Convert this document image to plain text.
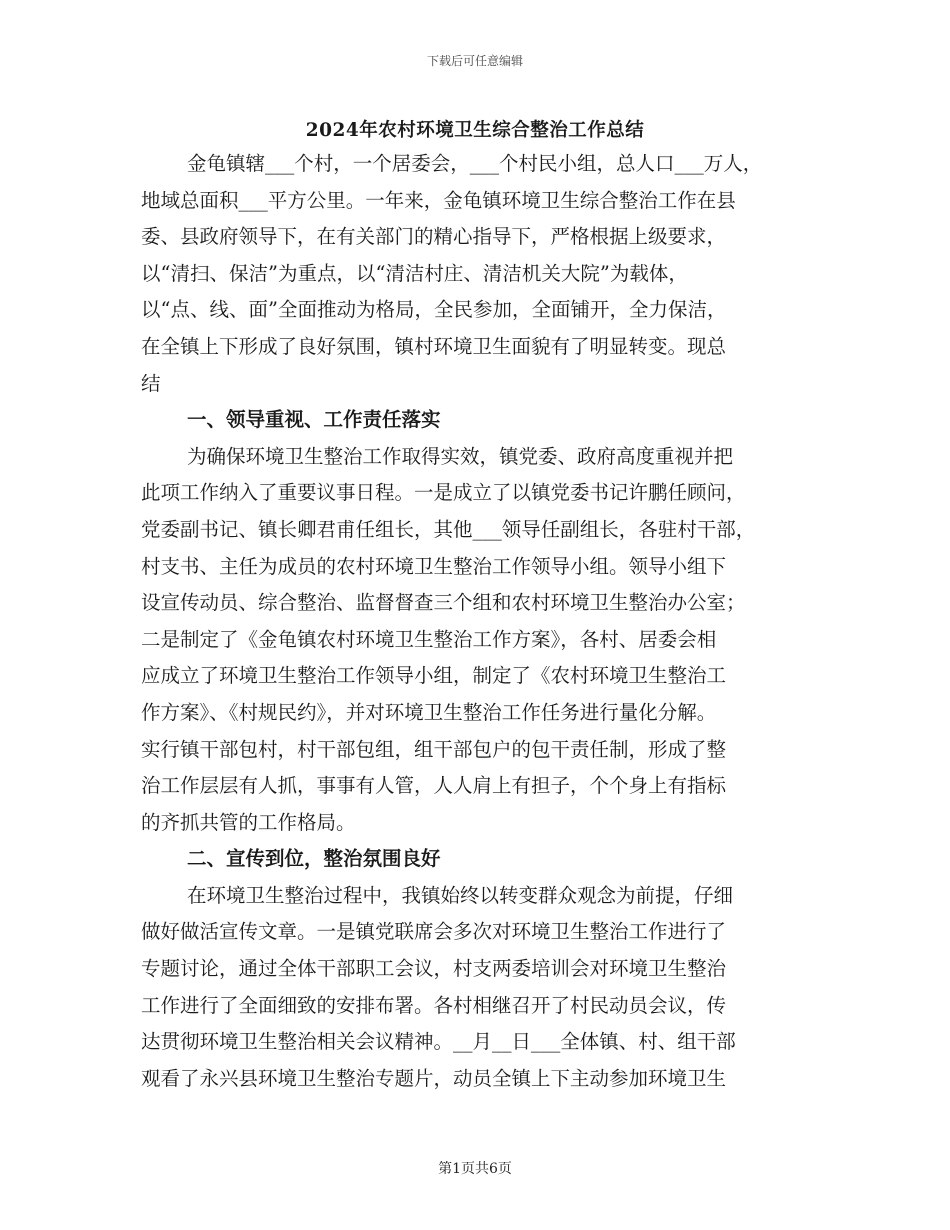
下载后可任意编辑
2024年农村环境卫生综合整治工作总结
金龟镇辖___个村，一个居委会，___个村民小组，总人口___万人，
地域总面积___平方公里。一年来，金龟镇环境卫生综合整治工作在县
委、县政府领导下，在有关部门的精心指导下，严格根据上级要求，
以“清扫、保洁”为重点，以“清洁村庄、清洁机关大院”为载体，
以“点、线、面”全面推动为格局，全民参加，全面铺开，全力保洁，
在全镇上下形成了良好氛围，镇村环境卫生面貌有了明显转变。现总
结
一、领导重视、工作责任落实
为确保环境卫生整治工作取得实效，镇党委、政府高度重视并把
此项工作纳入了重要议事日程。一是成立了以镇党委书记许鹏任顾问，
党委副书记、镇长卿君甫任组长，其他___领导任副组长，各驻村干部，
村支书、主任为成员的农村环境卫生整治工作领导小组。领导小组下
设宣传动员、综合整治、监督督查三个组和农村环境卫生整治办公室；
二是制定了《金龟镇农村环境卫生整治工作方案》，各村、居委会相
应成立了环境卫生整治工作领导小组，制定了《农村环境卫生整治工
作方案》、《村规民约》，并对环境卫生整治工作任务进行量化分解。
实行镇干部包村，村干部包组，组干部包户的包干责任制，形成了整
治工作层层有人抓，事事有人管，人人肩上有担子，个个身上有指标
的齐抓共管的工作格局。
二、宣传到位，整治氛围良好
在环境卫生整治过程中，我镇始终以转变群众观念为前提，仔细
做好做活宣传文章。一是镇党联席会多次对环境卫生整治工作进行了
专题讨论，通过全体干部职工会议，村支两委培训会对环境卫生整治
工作进行了全面细致的安排布署。各村相继召开了村民动员会议，传
达贯彻环境卫生整治相关会议精神。__月__日___全体镇、村、组干部
观看了永兴县环境卫生整治专题片，动员全镇上下主动参加环境卫生
第1页共6页
